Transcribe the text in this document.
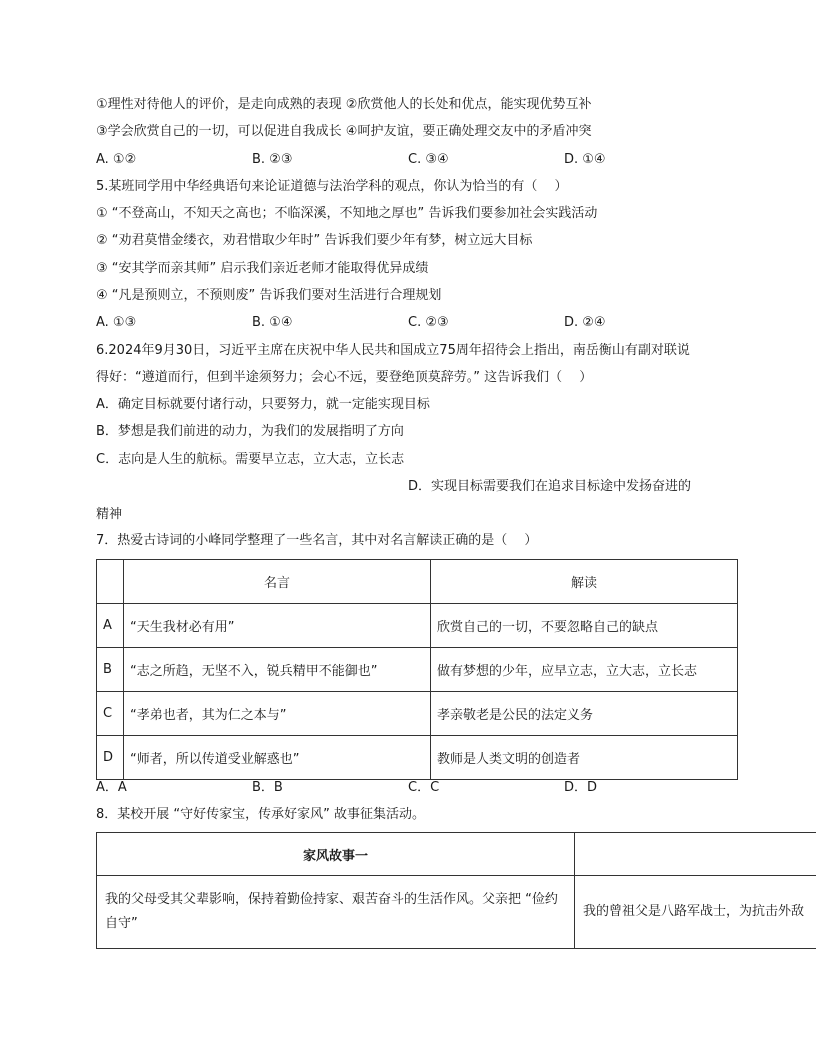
①理性对待他人的评价，是走向成熟的表现 ②欣赏他人的长处和优点，能实现优势互补
③学会欣赏自己的一切，可以促进自我成长 ④呵护友谊，要正确处理交友中的矛盾冲突
A. ①②	B. ②③	C. ③④	D. ①④
5.某班同学用中华经典语句来论证道德与法治学科的观点，你认为恰当的有（　 ）
① “不登高山，不知天之高也；不临深溪，不知地之厚也” 告诉我们要参加社会实践活动
② “劝君莫惜金缕衣，劝君惜取少年时” 告诉我们要少年有梦，树立远大目标
③ “安其学而亲其师” 启示我们亲近老师才能取得优异成绩
④ “凡是预则立，不预则废” 告诉我们要对生活进行合理规划
A. ①③	B. ①④	C. ②③	D. ②④
6.2024年9月30日，习近平主席在庆祝中华人民共和国成立75周年招待会上指出，南岳衡山有副对联说
得好：“遵道而行，但到半途须努力；会心不远，要登绝顶莫辞劳。” 这告诉我们（　 ）
A．确定目标就要付诸行动，只要努力，就一定能实现目标
B．梦想是我们前进的动力，为我们的发展指明了方向
C．志向是人生的航标。需要早立志，立大志，立长志
D．实现目标需要我们在追求目标途中发扬奋进的
精神
7．热爱古诗词的小峰同学整理了一些名言，其中对名言解读正确的是（　 ）
	名言	解读
A	“天生我材必有用”	欣赏自己的一切，不要忽略自己的缺点
B	“志之所趋，无坚不入，锐兵精甲不能御也”	做有梦想的少年，应早立志，立大志，立长志
C	“孝弟也者，其为仁之本与”	孝亲敬老是公民的法定义务
D	“师者，所以传道受业解惑也”	教师是人类文明的创造者
A．A	B．B	C．C	D．D
8．某校开展 “守好传家宝，传承好家风” 故事征集活动。
家风故事一	
我的父母受其父辈影响，保持着勤俭持家、艰苦奋斗的生活作风。父亲把 “俭约自守”	我的曾祖父是八路军战士，为抗击外敌
